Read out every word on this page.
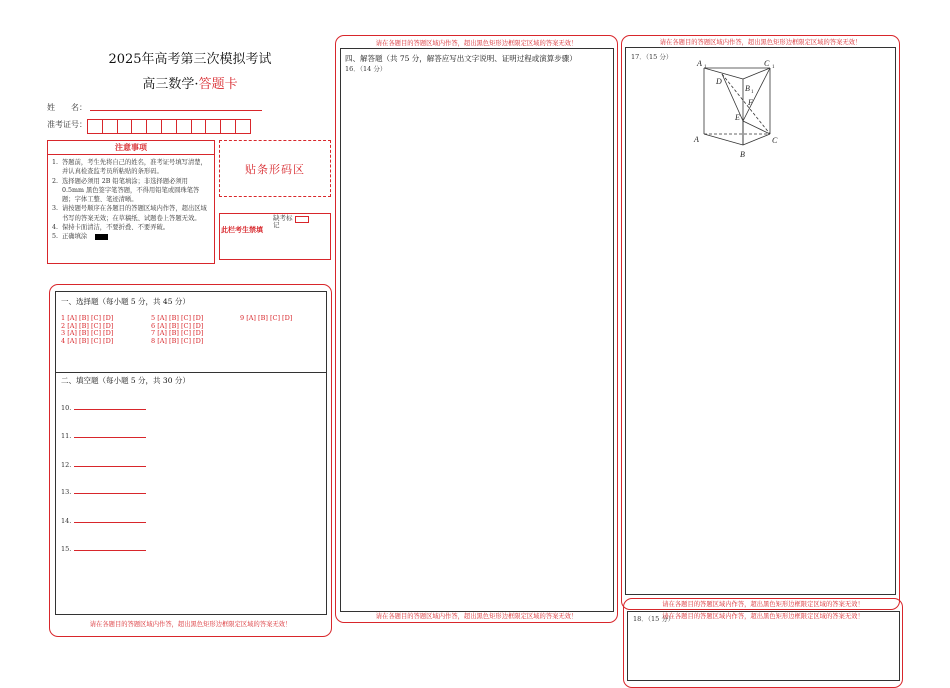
2025年高考第三次模拟考试
高三数学·答题卡
姓　　名：
准考证号：
注意事项
1. 答题前，考生先将自己的姓名，准考证号填写清楚，并认真检查监考员所粘贴的条形码。
2. 选择题必须用 2B 铅笔填涂；非选择题必须用 0.5mm 黑色签字笔答题，不得用铅笔或圆珠笔答题；字体工整、笔迹清晰。
3. 请按题号顺序在各题目的答题区域内作答，超出区域书写的答案无效；在草稿纸、试题卷上答题无效。
4. 保持卡面清洁，不要折叠、不要弄破。
5. 正确填涂
贴条形码区
此栏考生禁填
缺考标记
一、选择题（每小题 5 分，共 45 分）
1 [A] [B] [C] [D]
2 [A] [B] [C] [D]
3 [A] [B] [C] [D]
4 [A] [B] [C] [D]
5 [A] [B] [C] [D]
6 [A] [B] [C] [D]
7 [A] [B] [C] [D]
8 [A] [B] [C] [D]
9 [A] [B] [C] [D]
二、填空题（每小题 5 分，共 30 分）
10.
11.
12.
13.
14.
15.
请在各题目的答题区域内作答，超出黑色矩形边框限定区域的答案无效！
请在各题目的答题区域内作答，超出黑色矩形边框限定区域的答案无效！
四、解答题（共 75 分，解答应写出文字说明、证明过程或演算步骤）
16．（14 分）
请在各题目的答题区域内作答，超出黑色矩形边框限定区域的答案无效！
请在各题目的答题区域内作答，超出黑色矩形边框限定区域的答案无效！
17．（15 分）
A 1	C 1
D
B 1
F
E
A
B
C
请在各题目的答题区域内作答，超出黑色矩形边框限定区域的答案无效！
请在各题目的答题区域内作答，超出黑色矩形边框限定区域的答案无效！
18．（15 分）
